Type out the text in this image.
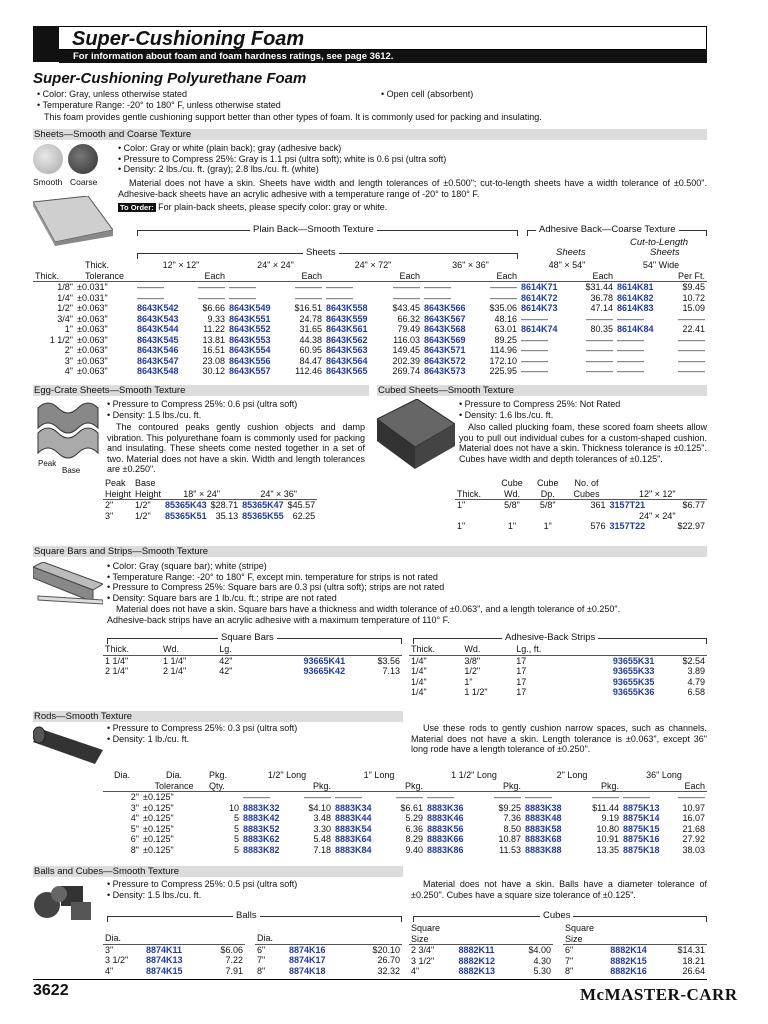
Super-Cushioning Foam
For information about foam and foam hardness ratings, see page 3612.
Super-Cushioning Polyurethane Foam
• Color: Gray, unless otherwise stated
• Temperature Range: -20° to 180° F, unless otherwise stated
• Open cell (absorbent)
This foam provides gentle cushioning support better than other types of foam. It is commonly used for packing and insulating.
Sheets—Smooth and Coarse Texture
Smooth Coarse
• Color: Gray or white (plain back); gray (adhesive back)
• Pressure to Compress 25%: Gray is 1.1 psi (ultra soft); white is 0.6 psi (ultra soft)
• Density: 2 lbs./cu. ft. (gray); 2.8 lbs./cu. ft. (white)
Material does not have a skin. Sheets have width and length tolerances of ±0.500"; cut-to-length sheets have a width tolerance of ±0.500". Adhesive-back sheets have an acrylic adhesive with a temperature range of -20° to 180° F.
To Order: For plain-back sheets, please specify color: gray or white.
Plain Back—Smooth Texture
Sheets
Adhesive Back—Coarse Texture
Sheets
Cut-to-Length
Sheets
	Thick.	12" × 12"		24" × 24"		24" × 72"		36" × 36"		48" × 54"		54" Wide	
Thick.	Tolerance	Each		Each		Each		Each		Each		Per Ft.	
1/8"	±0.031"	———	———	———	———	———	———	———	———	8614K71	$31.44	8614K81	$9.45
1/4"	±0.031"	———	———	———	———	———	———	———	———	8614K72	36.78	8614K82	10.72
1/2"	±0.063"	8643K542	$6.66	8643K549	$16.51	8643K558	$43.45	8643K566	$35.06	8614K73	47.14	8614K83	15.09
3/4"	±0.063"	8643K543	9.33	8643K551	24.78	8643K559	66.32	8643K567	48.16	———	———	———	———
1"	±0.063"	8643K544	11.22	8643K552	31.65	8643K561	79.49	8643K568	63.01	8614K74	80.35	8614K84	22.41
1 1/2"	±0.063"	8643K545	13.81	8643K553	44.38	8643K562	116.03	8643K569	89.25	———	———	———	———
2"	±0.063"	8643K546	16.51	8643K554	60.95	8643K563	149.45	8643K571	114.96	———	———	———	———
3"	±0.063"	8643K547	23.08	8643K556	84.47	8643K564	202.39	8643K572	172.10	———	———	———	———
4"	±0.063"	8643K548	30.12	8643K557	112.46	8643K565	269.74	8643K573	225.95	———	———	———	———
Egg-Crate Sheets—Smooth Texture
Peak
Base
• Pressure to Compress 25%: 0.6 psi (ultra soft)
• Density: 1.5 lbs./cu. ft.
The contoured peaks gently cushion objects and damp vibration. This polyurethane foam is commonly used for packing and insulating. These sheets come nested together in a set of two. Material does not have a skin. Width and length tolerances are ±0.250".
Peak	Base				
Height	Height	18" × 24"		24" × 36"	
2"	1/2"	85365K43	$28.71	85365K47	$45.57
3"	1/2"	85365K51	35.13	85365K55	62.25
Cubed Sheets—Smooth Texture
• Pressure to Compress 25%: Not Rated
• Density: 1.6 lbs./cu. ft.
Also called plucking foam, these scored foam sheets allow you to pull out individual cubes for a custom-shaped cushion. Material does not have a skin. Thickness tolerance is ±0.125". Cubes have width and depth tolerances of ±0.125".
	Cube	Cube	No. of		
Thick.	Wd.	Dp.	Cubes	12" × 12"	
1"	5/8"	5/8"	361	3157T21	$6.77
				24" × 24"	
1"	1"	1"	576	3157T22	$22.97
Square Bars and Strips—Smooth Texture
• Color: Gray (square bar); white (stripe)
• Temperature Range: -20° to 180° F, except min. temperature for strips is not rated
• Pressure to Compress 25%: Square bars are 0.3 psi (ultra soft); strips are not rated
• Density: Square bars are 1 lb./cu. ft.; stripe are not rated
Material does not have a skin. Square bars have a thickness and width tolerance of ±0.063", and a length tolerance of ±0.250".
Adhesive-back strips have an acrylic adhesive with a maximum temperature of 110° F.
Square Bars	Adhesive-Back Strips
Thick.	Wd.	Lg.		
1 1/4"	1 1/4"	42"	93665K41	$3.56
2 1/4"	2 1/4"	42"	93665K42	7.13
Thick.	Wd.	Lg., ft.		
1/4"	3/8"	17	93655K31	$2.54
1/4"	1/2"	17	93655K33	3.89
1/4"	1"	17	93655K35	4.79
1/4"	1 1/2"	17	93655K36	6.58
Rods—Smooth Texture
• Pressure to Compress 25%: 0.3 psi (ultra soft)
• Density: 1 lb./cu. ft.
Use these rods to gently cushion narrow spaces, such as channels. Material does not have a skin. Length tolerance is ±0.063", except 36" long rode have a length tolerance of ±0.250".
Dia.	Dia.	Pkg.	1/2" Long		1" Long		1 1/2" Long		2" Long		36" Long	
	Tolerance	Qty.	Pkg.		Pkg.		Pkg.		Pkg.		Each	
2"	±0.125"		———	———	———	———	———	———	———	———	———	———
3"	±0.125"	10	8883K32	$4.10	8883K34	$6.61	8883K36	$9.25	8883K38	$11.44	8875K13	10.97
4"	±0.125"	5	8883K42	3.48	8883K44	5.29	8883K46	7.36	8883K48	9.19	8875K14	16.07
5"	±0.125"	5	8883K52	3.30	8883K54	6.36	8883K56	8.50	8883K58	10.80	8875K15	21.68
6"	±0.125"	5	8883K62	5.48	8883K64	8.29	8883K66	10.87	8883K68	10.91	8875K16	27.92
8"	±0.125"	5	8883K82	7.18	8883K84	9.40	8883K86	11.53	8883K88	13.35	8875K18	38.03
Balls and Cubes—Smooth Texture
• Pressure to Compress 25%: 0.5 psi (ultra soft)
• Density: 1.5 lbs./cu. ft.
Material does not have a skin. Balls have a diameter tolerance of ±0.250". Cubes have a square size tolerance of ±0.125".
Balls	Cubes
Dia.		
3"	8874K11	$6.06
3 1/2"	8874K13	7.22
4"	8874K15	7.91
Dia.		
6"	8874K16	$20.10
7"	8874K17	26.70
8"	8874K18	32.32
Square		
Size		
2 3/4"	8882K11	$4.00
3 1/2"	8882K12	4.30
4"	8882K13	5.30
Square		
Size		
6"	8882K14	$14.31
7"	8882K15	18.21
8"	8882K16	26.64
3622	McMASTER-CARR
